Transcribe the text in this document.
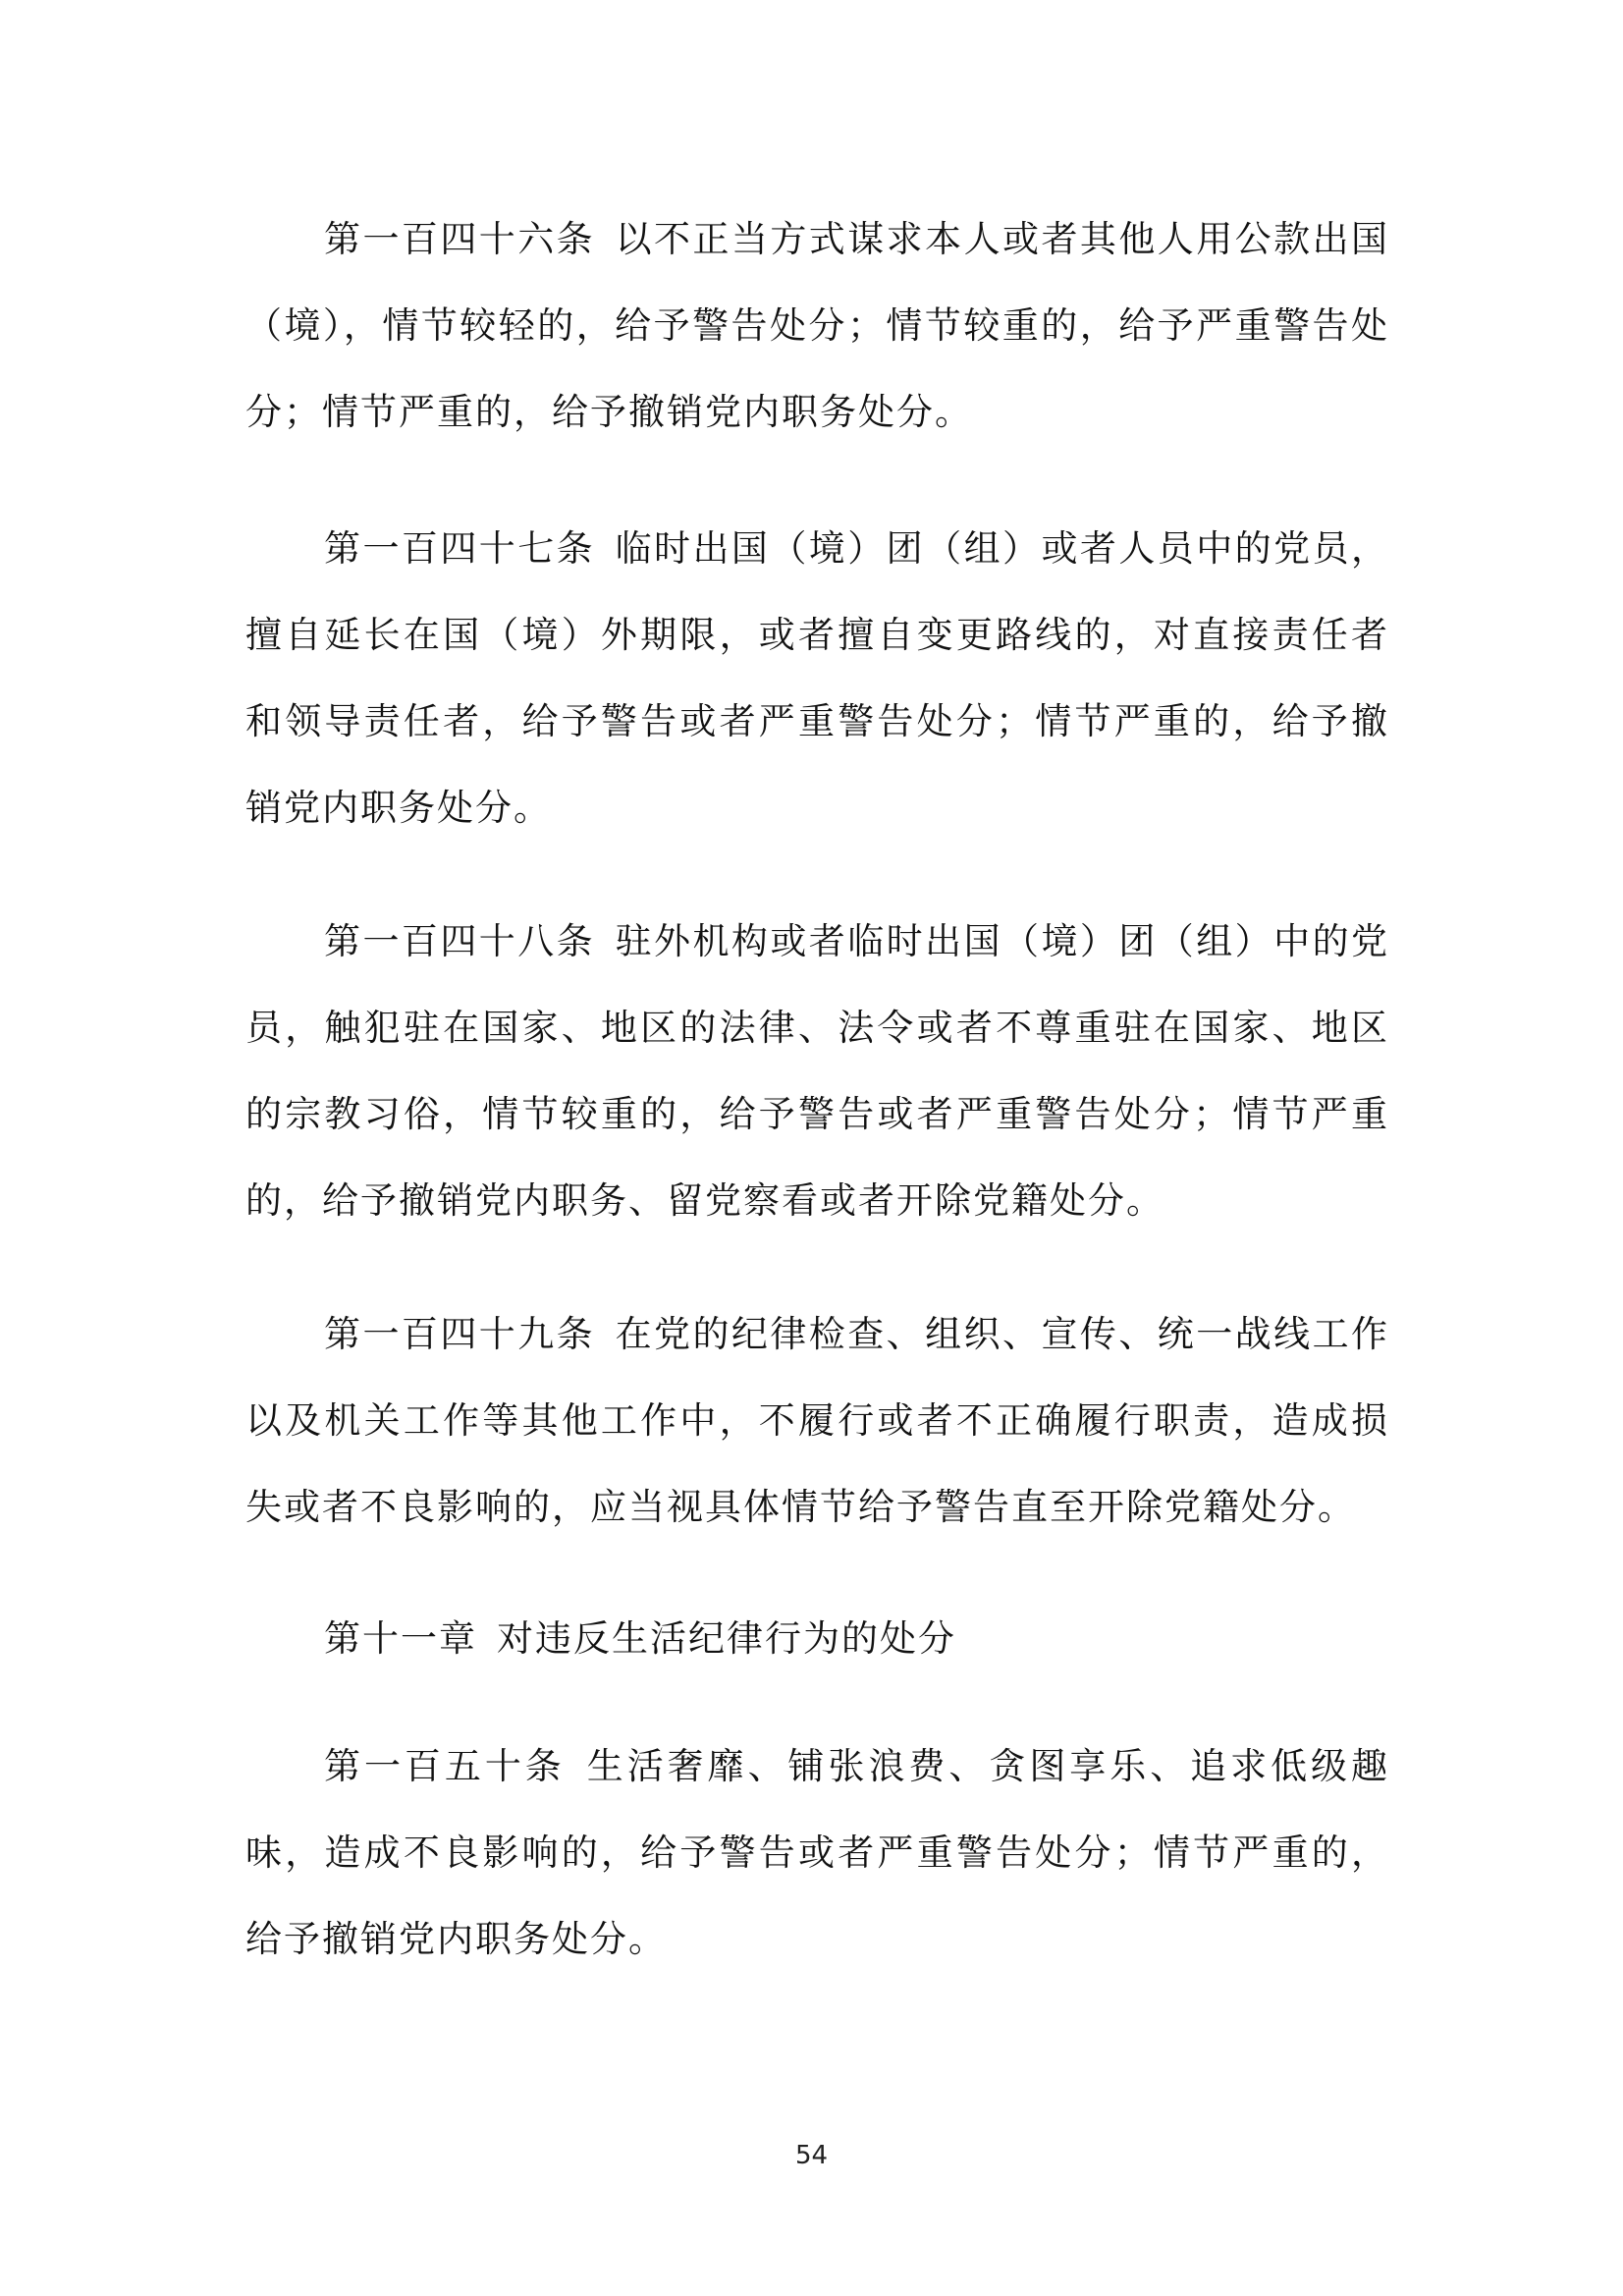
第一百四十六条 以不正当方式谋求本人或者其他人用公款出国（境），情节较轻的，给予警告处分；情节较重的，给予严重警告处分；情节严重的，给予撤销党内职务处分。

第一百四十七条 临时出国（境）团（组）或者人员中的党员，擅自延长在国（境）外期限，或者擅自变更路线的，对直接责任者和领导责任者，给予警告或者严重警告处分；情节严重的，给予撤销党内职务处分。

第一百四十八条 驻外机构或者临时出国（境）团（组）中的党员，触犯驻在国家、地区的法律、法令或者不尊重驻在国家、地区的宗教习俗，情节较重的，给予警告或者严重警告处分；情节严重的，给予撤销党内职务、留党察看或者开除党籍处分。

第一百四十九条 在党的纪律检查、组织、宣传、统一战线工作以及机关工作等其他工作中，不履行或者不正确履行职责，造成损失或者不良影响的，应当视具体情节给予警告直至开除党籍处分。

第十一章 对违反生活纪律行为的处分

第一百五十条 生活奢靡、铺张浪费、贪图享乐、追求低级趣味，造成不良影响的，给予警告或者严重警告处分；情节严重的，给予撤销党内职务处分。

54
